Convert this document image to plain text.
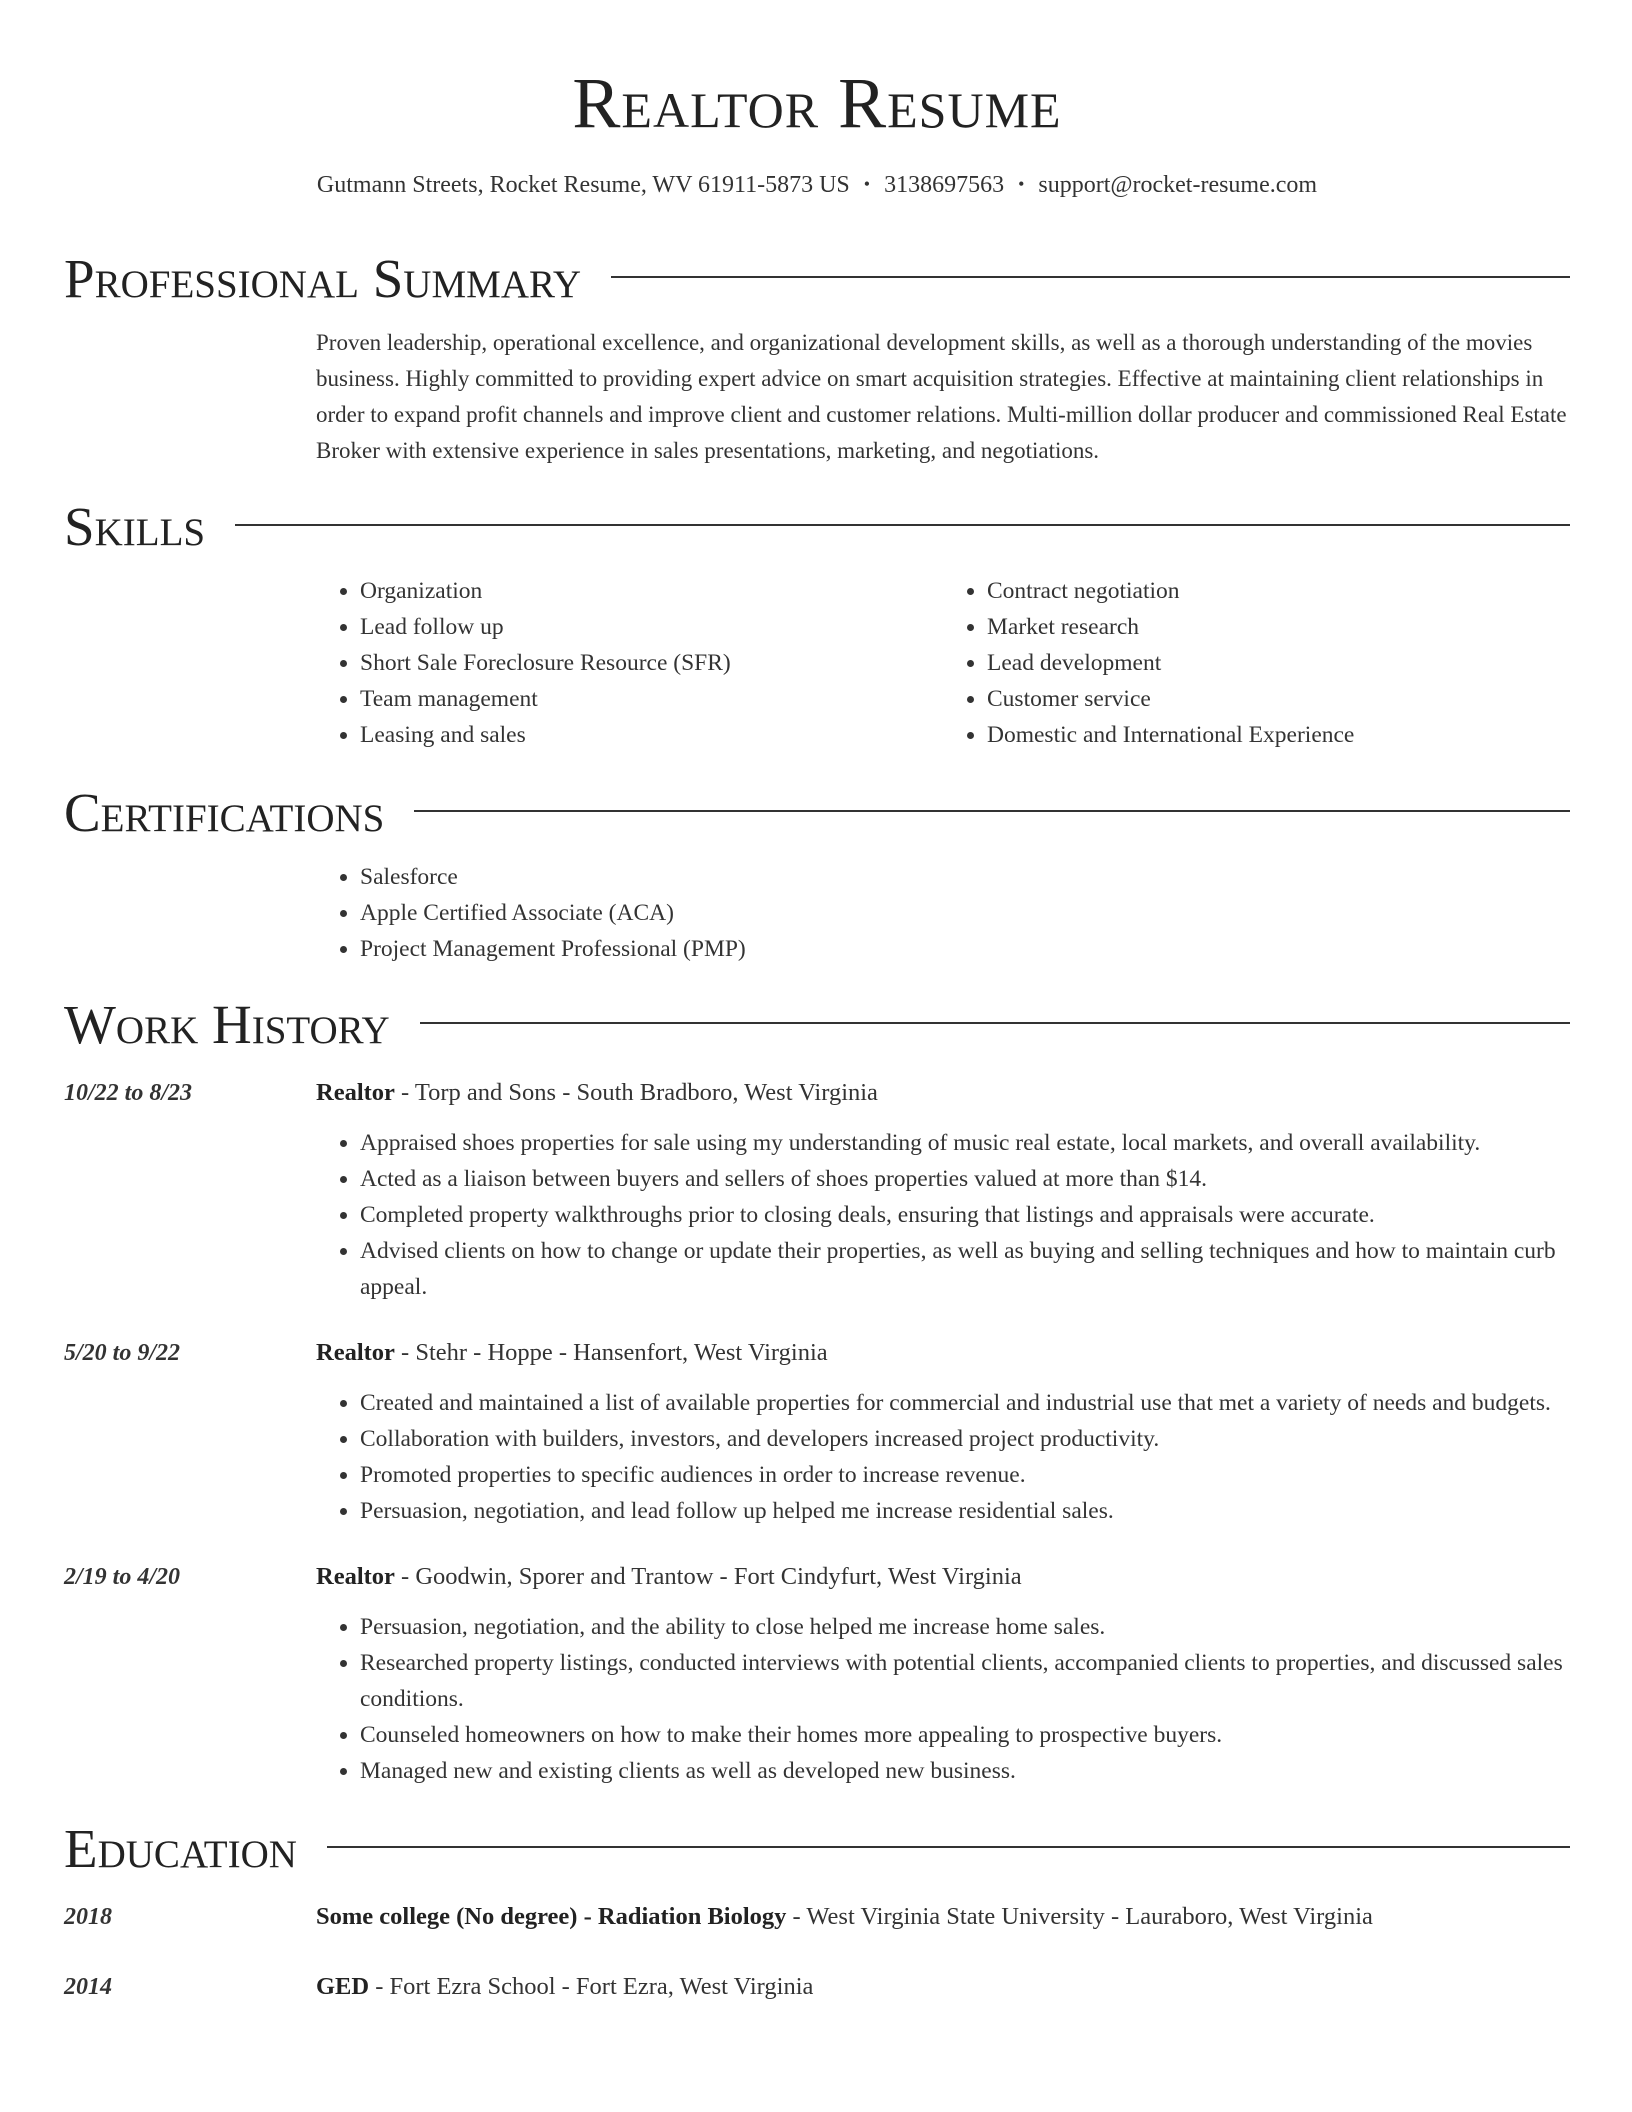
Realtor Resume
Gutmann Streets, Rocket Resume, WV 61911-5873 US • 3138697563 • support@rocket-resume.com
Professional Summary
Proven leadership, operational excellence, and organizational development skills, as well as a thorough understanding of the movies business. Highly committed to providing expert advice on smart acquisition strategies. Effective at maintaining client relationships in order to expand profit channels and improve client and customer relations. Multi-million dollar producer and commissioned Real Estate Broker with extensive experience in sales presentations, marketing, and negotiations.
Skills
• Organization
• Lead follow up
• Short Sale Foreclosure Resource (SFR)
• Team management
• Leasing and sales
• Contract negotiation
• Market research
• Lead development
• Customer service
• Domestic and International Experience
Certifications
• Salesforce
• Apple Certified Associate (ACA)
• Project Management Professional (PMP)
Work History
10/22 to 8/23	Realtor - Torp and Sons - South Bradboro, West Virginia
• Appraised shoes properties for sale using my understanding of music real estate, local markets, and overall availability.
• Acted as a liaison between buyers and sellers of shoes properties valued at more than $14.
• Completed property walkthroughs prior to closing deals, ensuring that listings and appraisals were accurate.
• Advised clients on how to change or update their properties, as well as buying and selling techniques and how to maintain curb appeal.
5/20 to 9/22	Realtor - Stehr - Hoppe - Hansenfort, West Virginia
• Created and maintained a list of available properties for commercial and industrial use that met a variety of needs and budgets.
• Collaboration with builders, investors, and developers increased project productivity.
• Promoted properties to specific audiences in order to increase revenue.
• Persuasion, negotiation, and lead follow up helped me increase residential sales.
2/19 to 4/20	Realtor - Goodwin, Sporer and Trantow - Fort Cindyfurt, West Virginia
• Persuasion, negotiation, and the ability to close helped me increase home sales.
• Researched property listings, conducted interviews with potential clients, accompanied clients to properties, and discussed sales conditions.
• Counseled homeowners on how to make their homes more appealing to prospective buyers.
• Managed new and existing clients as well as developed new business.
Education
2018	Some college (No degree) - Radiation Biology - West Virginia State University - Lauraboro, West Virginia
2014	GED - Fort Ezra School - Fort Ezra, West Virginia
